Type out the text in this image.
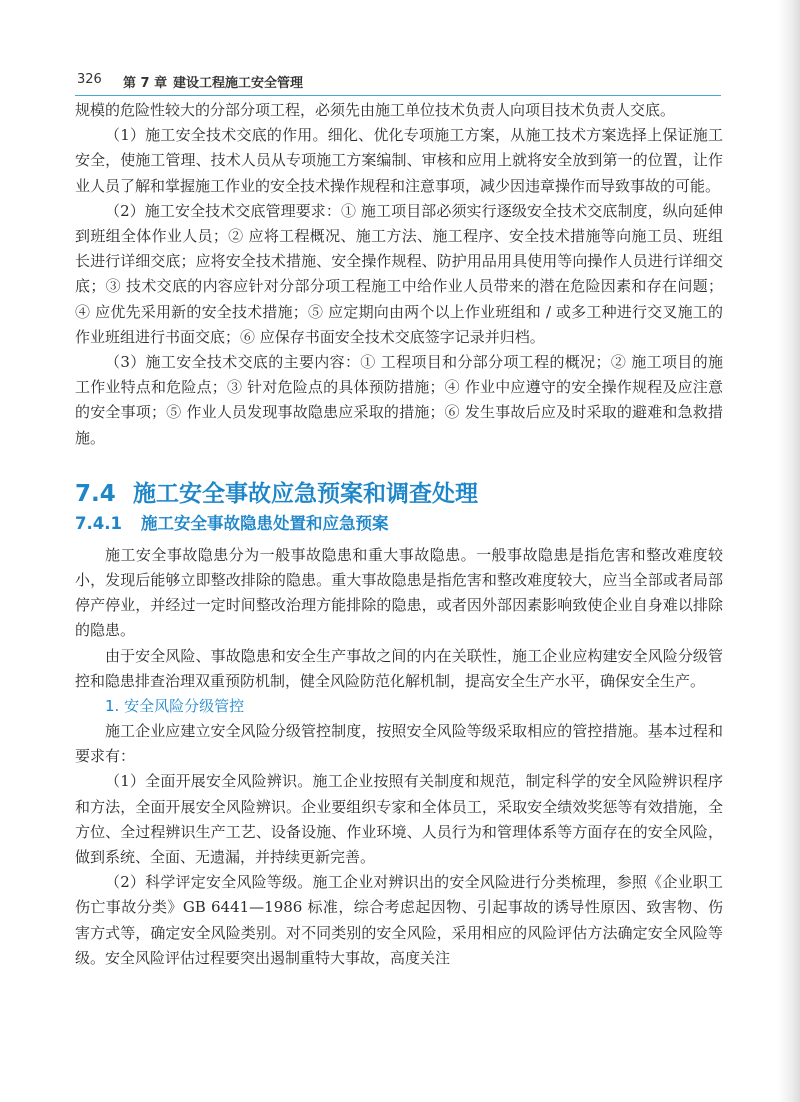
326 第 7 章 建设工程施工安全管理

规模的危险性较大的分部分项工程，必须先由施工单位技术负责人向项目技术负责人交底。

（1）施工安全技术交底的作用。细化、优化专项施工方案，从施工技术方案选择上保证施工安全，使施工管理、技术人员从专项施工方案编制、审核和应用上就将安全放到第一的位置，让作业人员了解和掌握施工作业的安全技术操作规程和注意事项，减少因违章操作而导致事故的可能。

（2）施工安全技术交底管理要求：① 施工项目部必须实行逐级安全技术交底制度，纵向延伸到班组全体作业人员；② 应将工程概况、施工方法、施工程序、安全技术措施等向施工员、班组长进行详细交底；应将安全技术措施、安全操作规程、防护用品用具使用等向操作人员进行详细交底；③ 技术交底的内容应针对分部分项工程施工中给作业人员带来的潜在危险因素和存在问题；④ 应优先采用新的安全技术措施；⑤ 应定期向由两个以上作业班组和 / 或多工种进行交叉施工的作业班组进行书面交底；⑥ 应保存书面安全技术交底签字记录并归档。

（3）施工安全技术交底的主要内容：① 工程项目和分部分项工程的概况；② 施工项目的施工作业特点和危险点；③ 针对危险点的具体预防措施；④ 作业中应遵守的安全操作规程及应注意的安全事项；⑤ 作业人员发现事故隐患应采取的措施；⑥ 发生事故后应及时采取的避难和急救措施。

7.4 施工安全事故应急预案和调查处理
7.4.1 施工安全事故隐患处置和应急预案

施工安全事故隐患分为一般事故隐患和重大事故隐患。一般事故隐患是指危害和整改难度较小，发现后能够立即整改排除的隐患。重大事故隐患是指危害和整改难度较大，应当全部或者局部停产停业，并经过一定时间整改治理方能排除的隐患，或者因外部因素影响致使企业自身难以排除的隐患。

由于安全风险、事故隐患和安全生产事故之间的内在关联性，施工企业应构建安全风险分级管控和隐患排查治理双重预防机制，健全风险防范化解机制，提高安全生产水平，确保安全生产。

1. 安全风险分级管控

施工企业应建立安全风险分级管控制度，按照安全风险等级采取相应的管控措施。基本过程和要求有：

（1）全面开展安全风险辨识。施工企业按照有关制度和规范，制定科学的安全风险辨识程序和方法，全面开展安全风险辨识。企业要组织专家和全体员工，采取安全绩效奖惩等有效措施，全方位、全过程辨识生产工艺、设备设施、作业环境、人员行为和管理体系等方面存在的安全风险，做到系统、全面、无遗漏，并持续更新完善。

（2）科学评定安全风险等级。施工企业对辨识出的安全风险进行分类梳理，参照《企业职工伤亡事故分类》GB 6441—1986 标准，综合考虑起因物、引起事故的诱导性原因、致害物、伤害方式等，确定安全风险类别。对不同类别的安全风险，采用相应的风险评估方法确定安全风险等级。安全风险评估过程要突出遏制重特大事故，高度关注
